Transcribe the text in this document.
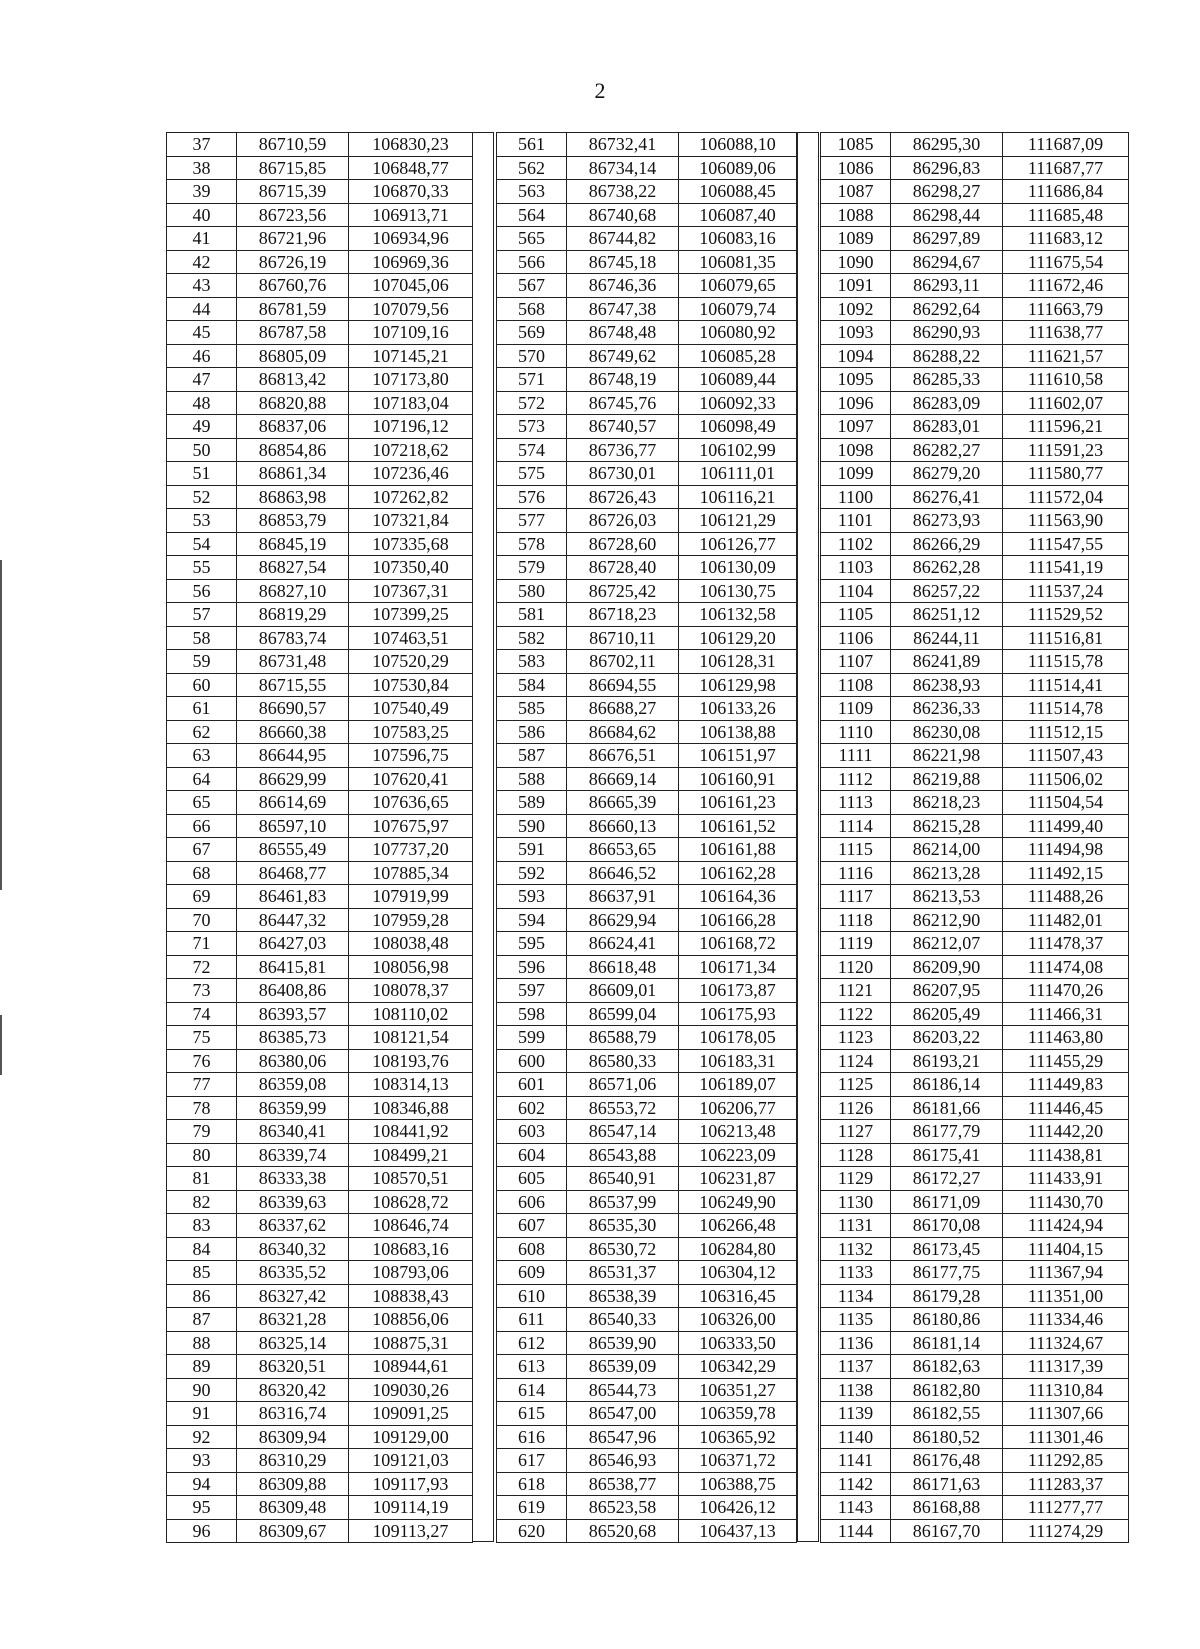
2
37	86710,59	106830,23
38	86715,85	106848,77
39	86715,39	106870,33
40	86723,56	106913,71
41	86721,96	106934,96
42	86726,19	106969,36
43	86760,76	107045,06
44	86781,59	107079,56
45	86787,58	107109,16
46	86805,09	107145,21
47	86813,42	107173,80
48	86820,88	107183,04
49	86837,06	107196,12
50	86854,86	107218,62
51	86861,34	107236,46
52	86863,98	107262,82
53	86853,79	107321,84
54	86845,19	107335,68
55	86827,54	107350,40
56	86827,10	107367,31
57	86819,29	107399,25
58	86783,74	107463,51
59	86731,48	107520,29
60	86715,55	107530,84
61	86690,57	107540,49
62	86660,38	107583,25
63	86644,95	107596,75
64	86629,99	107620,41
65	86614,69	107636,65
66	86597,10	107675,97
67	86555,49	107737,20
68	86468,77	107885,34
69	86461,83	107919,99
70	86447,32	107959,28
71	86427,03	108038,48
72	86415,81	108056,98
73	86408,86	108078,37
74	86393,57	108110,02
75	86385,73	108121,54
76	86380,06	108193,76
77	86359,08	108314,13
78	86359,99	108346,88
79	86340,41	108441,92
80	86339,74	108499,21
81	86333,38	108570,51
82	86339,63	108628,72
83	86337,62	108646,74
84	86340,32	108683,16
85	86335,52	108793,06
86	86327,42	108838,43
87	86321,28	108856,06
88	86325,14	108875,31
89	86320,51	108944,61
90	86320,42	109030,26
91	86316,74	109091,25
92	86309,94	109129,00
93	86310,29	109121,03
94	86309,88	109117,93
95	86309,48	109114,19
96	86309,67	109113,27
561	86732,41	106088,10
562	86734,14	106089,06
563	86738,22	106088,45
564	86740,68	106087,40
565	86744,82	106083,16
566	86745,18	106081,35
567	86746,36	106079,65
568	86747,38	106079,74
569	86748,48	106080,92
570	86749,62	106085,28
571	86748,19	106089,44
572	86745,76	106092,33
573	86740,57	106098,49
574	86736,77	106102,99
575	86730,01	106111,01
576	86726,43	106116,21
577	86726,03	106121,29
578	86728,60	106126,77
579	86728,40	106130,09
580	86725,42	106130,75
581	86718,23	106132,58
582	86710,11	106129,20
583	86702,11	106128,31
584	86694,55	106129,98
585	86688,27	106133,26
586	86684,62	106138,88
587	86676,51	106151,97
588	86669,14	106160,91
589	86665,39	106161,23
590	86660,13	106161,52
591	86653,65	106161,88
592	86646,52	106162,28
593	86637,91	106164,36
594	86629,94	106166,28
595	86624,41	106168,72
596	86618,48	106171,34
597	86609,01	106173,87
598	86599,04	106175,93
599	86588,79	106178,05
600	86580,33	106183,31
601	86571,06	106189,07
602	86553,72	106206,77
603	86547,14	106213,48
604	86543,88	106223,09
605	86540,91	106231,87
606	86537,99	106249,90
607	86535,30	106266,48
608	86530,72	106284,80
609	86531,37	106304,12
610	86538,39	106316,45
611	86540,33	106326,00
612	86539,90	106333,50
613	86539,09	106342,29
614	86544,73	106351,27
615	86547,00	106359,78
616	86547,96	106365,92
617	86546,93	106371,72
618	86538,77	106388,75
619	86523,58	106426,12
620	86520,68	106437,13
1085	86295,30	111687,09
1086	86296,83	111687,77
1087	86298,27	111686,84
1088	86298,44	111685,48
1089	86297,89	111683,12
1090	86294,67	111675,54
1091	86293,11	111672,46
1092	86292,64	111663,79
1093	86290,93	111638,77
1094	86288,22	111621,57
1095	86285,33	111610,58
1096	86283,09	111602,07
1097	86283,01	111596,21
1098	86282,27	111591,23
1099	86279,20	111580,77
1100	86276,41	111572,04
1101	86273,93	111563,90
1102	86266,29	111547,55
1103	86262,28	111541,19
1104	86257,22	111537,24
1105	86251,12	111529,52
1106	86244,11	111516,81
1107	86241,89	111515,78
1108	86238,93	111514,41
1109	86236,33	111514,78
1110	86230,08	111512,15
1111	86221,98	111507,43
1112	86219,88	111506,02
1113	86218,23	111504,54
1114	86215,28	111499,40
1115	86214,00	111494,98
1116	86213,28	111492,15
1117	86213,53	111488,26
1118	86212,90	111482,01
1119	86212,07	111478,37
1120	86209,90	111474,08
1121	86207,95	111470,26
1122	86205,49	111466,31
1123	86203,22	111463,80
1124	86193,21	111455,29
1125	86186,14	111449,83
1126	86181,66	111446,45
1127	86177,79	111442,20
1128	86175,41	111438,81
1129	86172,27	111433,91
1130	86171,09	111430,70
1131	86170,08	111424,94
1132	86173,45	111404,15
1133	86177,75	111367,94
1134	86179,28	111351,00
1135	86180,86	111334,46
1136	86181,14	111324,67
1137	86182,63	111317,39
1138	86182,80	111310,84
1139	86182,55	111307,66
1140	86180,52	111301,46
1141	86176,48	111292,85
1142	86171,63	111283,37
1143	86168,88	111277,77
1144	86167,70	111274,29
